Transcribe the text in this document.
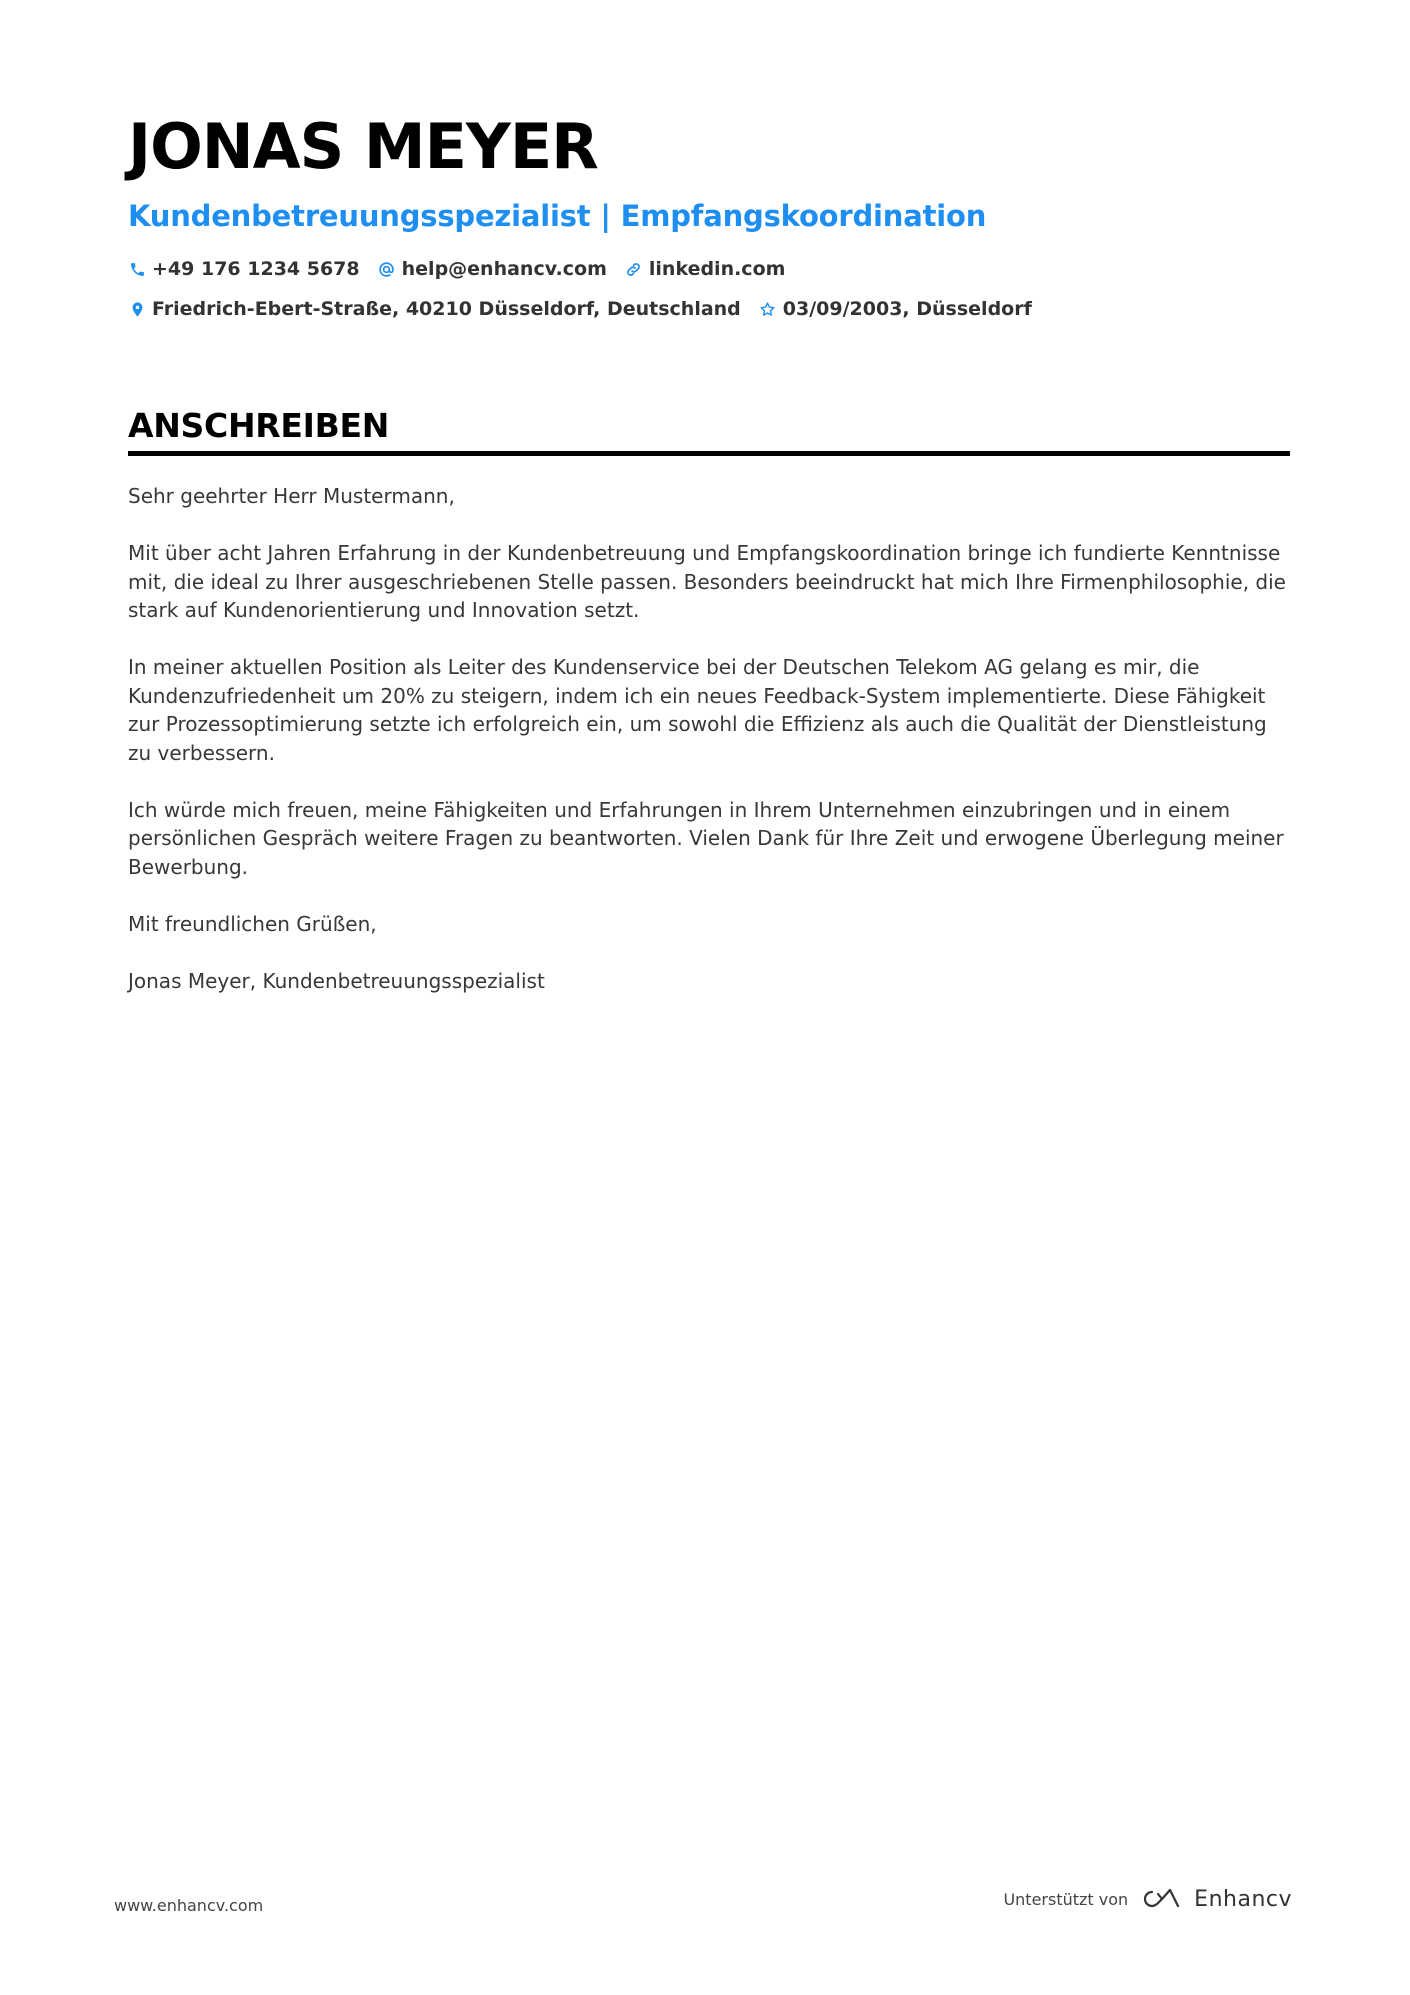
JONAS MEYER
Kundenbetreuungsspezialist | Empfangskoordination
+49 176 1234 5678 help@enhancv.com linkedin.com
Friedrich-Ebert-Straße, 40210 Düsseldorf, Deutschland 03/09/2003, Düsseldorf
ANSCHREIBEN

Sehr geehrter Herr Mustermann,

Mit über acht Jahren Erfahrung in der Kundenbetreuung und Empfangskoordination bringe ich fundierte Kenntnisse mit, die ideal zu Ihrer ausgeschriebenen Stelle passen. Besonders beeindruckt hat mich Ihre Firmenphilosophie, die stark auf Kundenorientierung und Innovation setzt.

In meiner aktuellen Position als Leiter des Kundenservice bei der Deutschen Telekom AG gelang es mir, die Kundenzufriedenheit um 20% zu steigern, indem ich ein neues Feedback-System implementierte. Diese Fähigkeit zur Prozessoptimierung setzte ich erfolgreich ein, um sowohl die Effizienz als auch die Qualität der Dienstleistung zu verbessern.

Ich würde mich freuen, meine Fähigkeiten und Erfahrungen in Ihrem Unternehmen einzubringen und in einem persönlichen Gespräch weitere Fragen zu beantworten. Vielen Dank für Ihre Zeit und erwogene Überlegung meiner Bewerbung.

Mit freundlichen Grüßen,

Jonas Meyer, Kundenbetreuungsspezialist

www.enhancv.com	Unterstützt von	Enhancv
